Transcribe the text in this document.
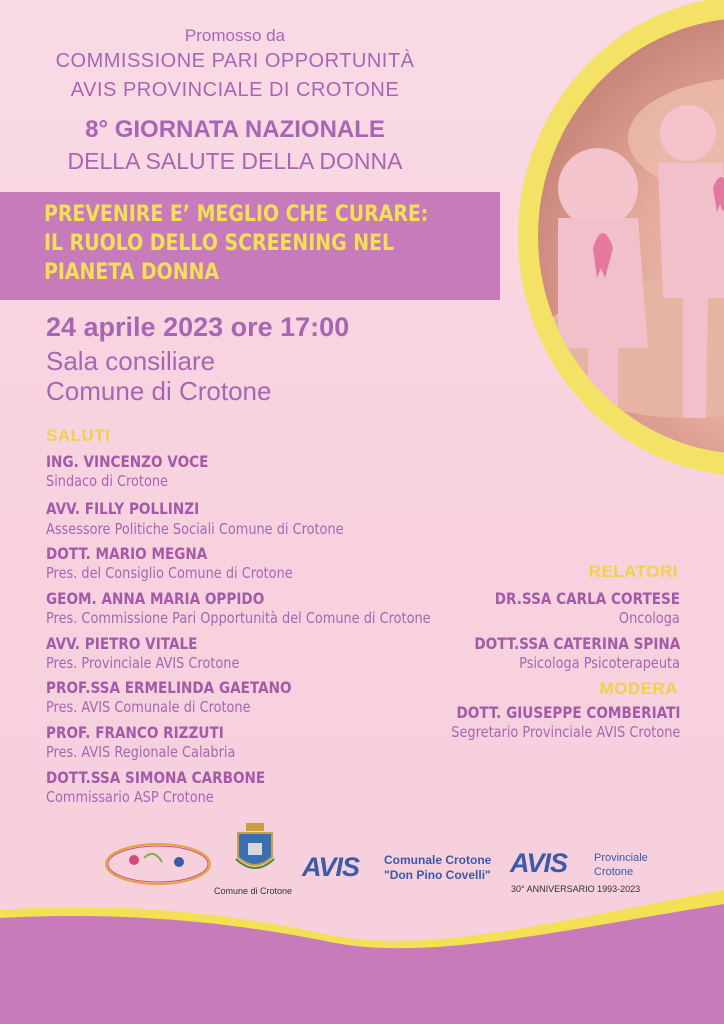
Promosso da
COMMISSIONE PARI OPPORTUNITÀ
AVIS PROVINCIALE DI CROTONE
8° GIORNATA NAZIONALE
DELLA SALUTE DELLA DONNA
PREVENIRE E’ MEGLIO CHE CURARE:
IL RUOLO DELLO SCREENING NEL
PIANETA DONNA
24 aprile 2023 ore 17:00
Sala consiliare
Comune di Crotone
SALUTI
ING. VINCENZO VOCE
Sindaco di Crotone
AVV. FILLY POLLINZI
Assessore Politiche Sociali Comune di Crotone
DOTT. MARIO MEGNA
Pres. del Consiglio Comune di Crotone
GEOM. ANNA MARIA OPPIDO
Pres. Commissione Pari Opportunità del Comune di Crotone
AVV. PIETRO VITALE
Pres. Provinciale AVIS Crotone
PROF.SSA ERMELINDA GAETANO
Pres. AVIS Comunale di Crotone
PROF. FRANCO RIZZUTI
Pres. AVIS Regionale Calabria
DOTT.SSA SIMONA CARBONE
Commissario ASP Crotone
RELATORI
DR.SSA CARLA CORTESE
Oncologa
DOTT.SSA CATERINA SPINA
Psicologa Psicoterapeuta
MODERA
DOTT. GIUSEPPE COMBERIATI
Segretario Provinciale AVIS Crotone
Comune di Crotone
AVIS Comunale Crotone
"Don Pino Covelli" AVIS Provinciale
Crotone
30° ANNIVERSARIO 1993-2023
